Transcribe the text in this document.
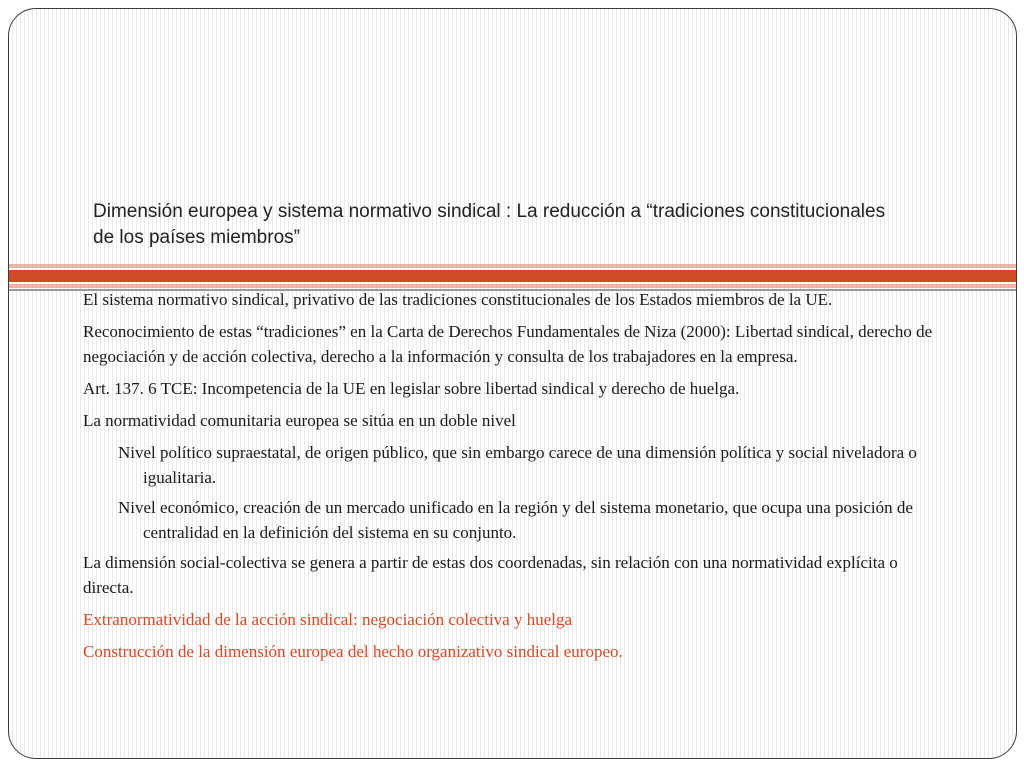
Dimensión europea y sistema normativo sindical : La reducción a “tradiciones constitucionales de los países miembros”

El sistema normativo sindical, privativo de las tradiciones constitucionales de los Estados miembros de la UE.

Reconocimiento de estas “tradiciones” en la Carta de Derechos Fundamentales de Niza (2000): Libertad sindical, derecho de negociación y de acción colectiva, derecho a la información y consulta de los trabajadores en la empresa.

Art. 137. 6 TCE: Incompetencia de la UE en legislar sobre libertad sindical y derecho de huelga.

La normatividad comunitaria europea se sitúa en un doble nivel

Nivel político supraestatal, de origen público, que sin embargo carece de una dimensión política y social niveladora o igualitaria.

Nivel económico, creación de un mercado unificado en la región y del sistema monetario, que ocupa una posición de centralidad en la definición del sistema en su conjunto.

La dimensión social-colectiva se genera a partir de estas dos coordenadas, sin relación con una normatividad explícita o directa.

Extranormatividad de la acción sindical: negociación colectiva y huelga

Construcción de la dimensión europea del hecho organizativo sindical europeo.
